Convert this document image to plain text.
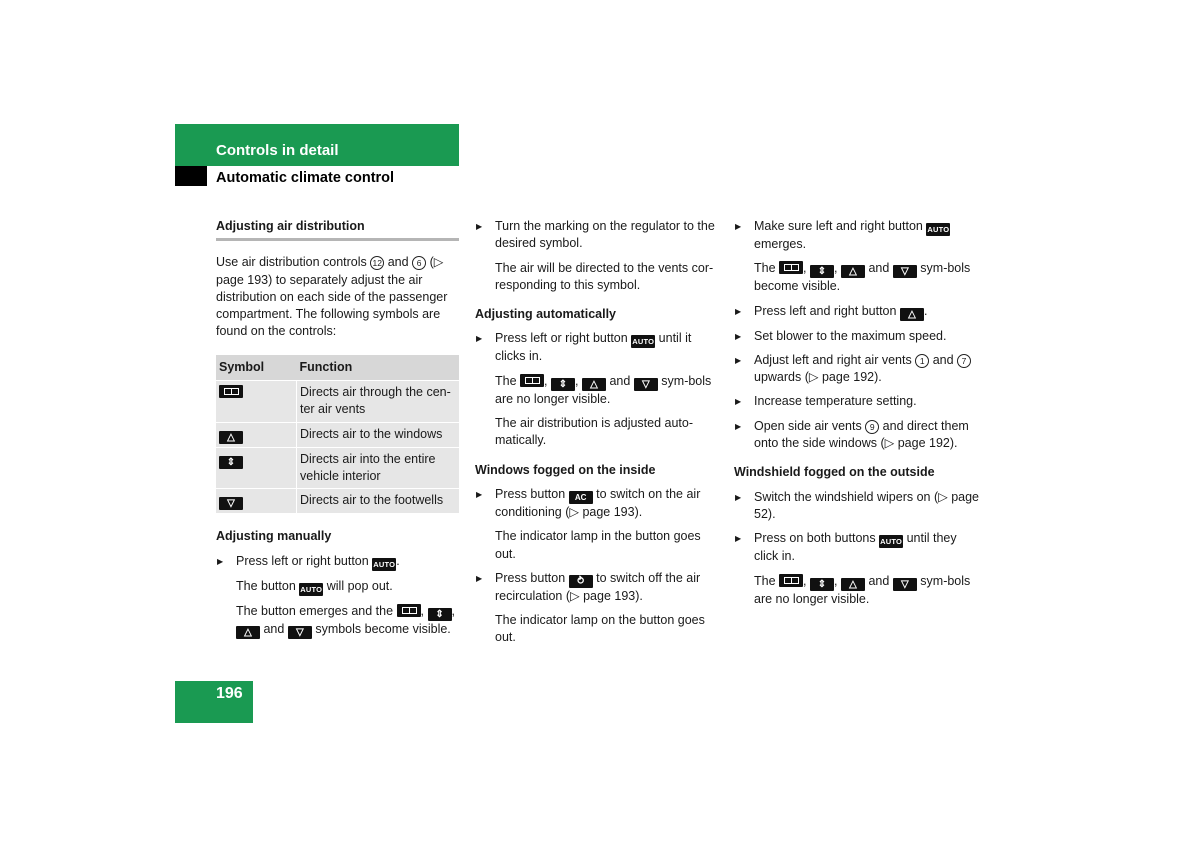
Controls in detail
Automatic climate control
Adjusting air distribution

Use air distribution controls 12 and 6 (▷ page 193) to separately adjust the air distribution on each side of the passenger compartment. The following symbols are found on the controls:

Symbol	Function
	Directs air through the cen-ter air vents
△	Directs air to the windows
⇕	Directs air into the entire vehicle interior
▽	Directs air to the footwells
Adjusting manually
▶ Press left or right button AUTO .

The button AUTO will pop out.

The button emerges and the , ⇕ , △ and ▽ symbols become visible.

▶ Turn the marking on the regulator to the desired symbol.

The air will be directed to the vents cor-responding to this symbol.

Adjusting automatically
▶ Press left or right button AUTO until it clicks in.

The , ⇕ , △ and ▽ sym-bols are no longer visible.

The air distribution is adjusted auto-matically.

Windows fogged on the inside
▶ Press button AC to switch on the air conditioning (▷ page 193).

The indicator lamp in the button goes out.

▶ Press button ⥁ to switch off the air recirculation (▷ page 193).

The indicator lamp on the button goes out.

▶ Make sure left and right button AUTO emerges.

The , ⇕ , △ and ▽ sym-bols become visible.

▶ Press left and right button △ .
▶ Set blower to the maximum speed.
▶ Adjust left and right air vents 1 and 7 upwards (▷ page 192).
▶ Increase temperature setting.
▶ Open side air vents 9 and direct them onto the side windows (▷ page 192).
Windshield fogged on the outside
▶ Switch the windshield wipers on (▷ page 52).
▶ Press on both buttons AUTO until they click in.

The , ⇕ , △ and ▽ sym-bols are no longer visible.

196
